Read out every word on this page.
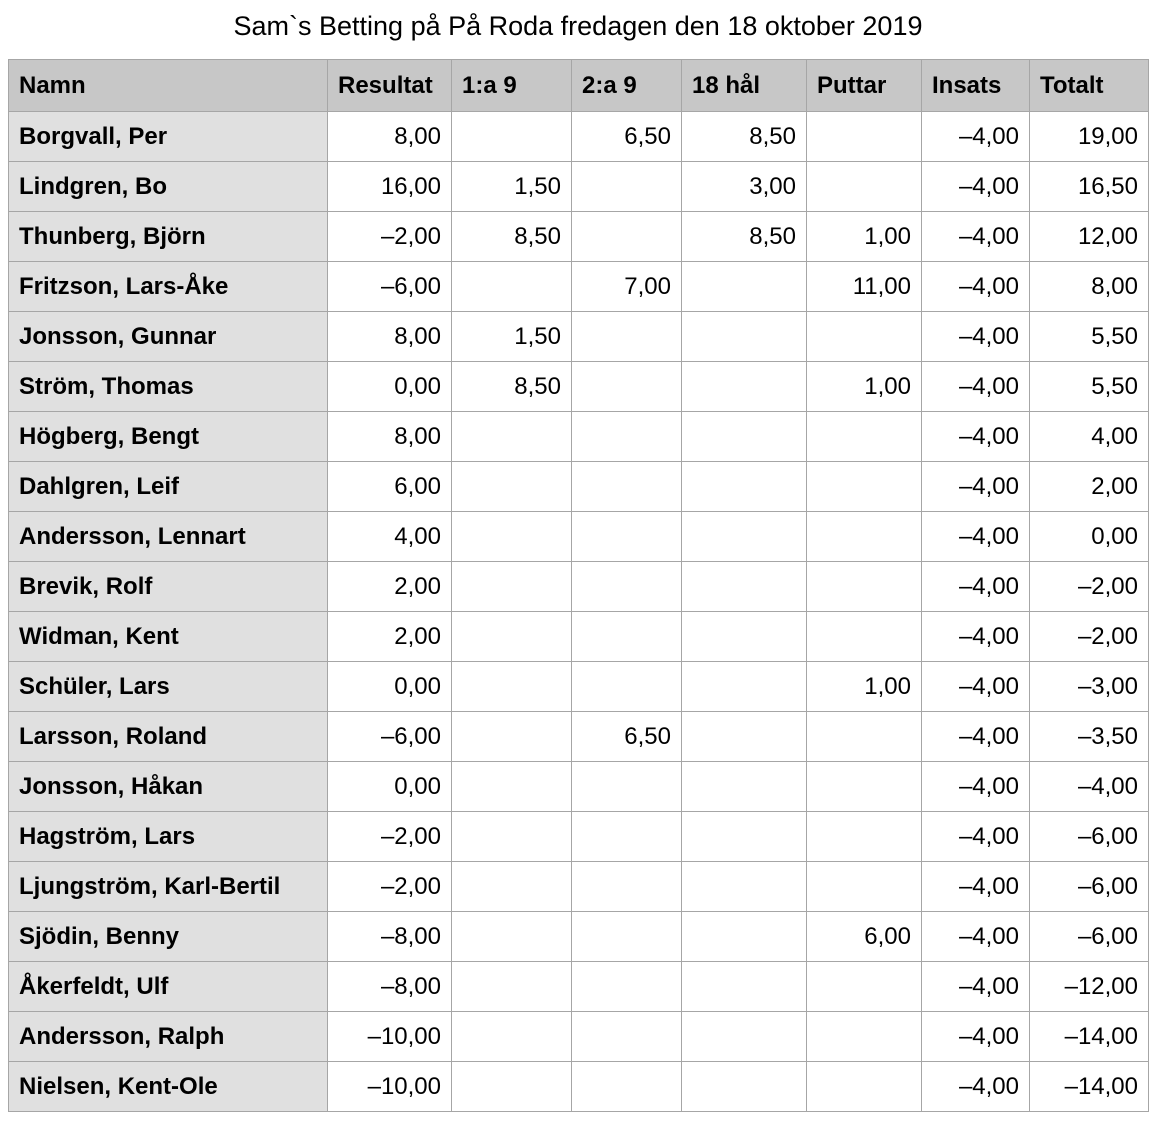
Sam`s Betting på På Roda fredagen den 18 oktober 2019
Namn	Resultat	1:a 9	2:a 9	18 hål	Puttar	Insats	Totalt
Borgvall, Per	8,00		6,50	8,50		–4,00	19,00
Lindgren, Bo	16,00	1,50		3,00		–4,00	16,50
Thunberg, Björn	–2,00	8,50		8,50	1,00	–4,00	12,00
Fritzson, Lars-Åke	–6,00		7,00		11,00	–4,00	8,00
Jonsson, Gunnar	8,00	1,50				–4,00	5,50
Ström, Thomas	0,00	8,50			1,00	–4,00	5,50
Högberg, Bengt	8,00					–4,00	4,00
Dahlgren, Leif	6,00					–4,00	2,00
Andersson, Lennart	4,00					–4,00	0,00
Brevik, Rolf	2,00					–4,00	–2,00
Widman, Kent	2,00					–4,00	–2,00
Schüler, Lars	0,00				1,00	–4,00	–3,00
Larsson, Roland	–6,00		6,50			–4,00	–3,50
Jonsson, Håkan	0,00					–4,00	–4,00
Hagström, Lars	–2,00					–4,00	–6,00
Ljungström, Karl-Bertil	–2,00					–4,00	–6,00
Sjödin, Benny	–8,00				6,00	–4,00	–6,00
Åkerfeldt, Ulf	–8,00					–4,00	–12,00
Andersson, Ralph	–10,00					–4,00	–14,00
Nielsen, Kent-Ole	–10,00					–4,00	–14,00
